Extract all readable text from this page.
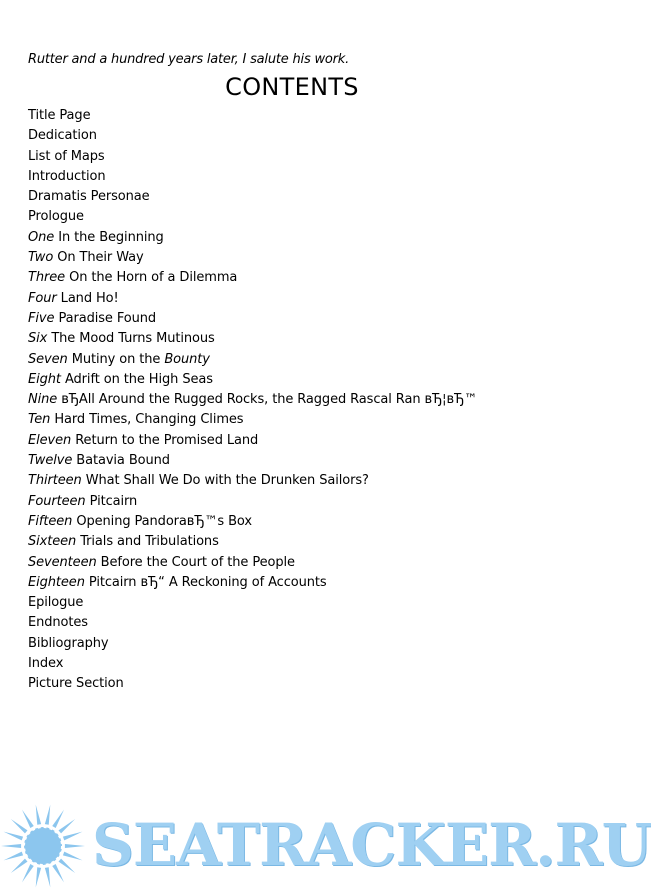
Rutter and a hundred years later, I salute his work.
CONTENTS
Title Page
Dedication
List of Maps
Introduction
Dramatis Personae
Prologue
One In the Beginning
Two On Their Way
Three On the Horn of a Dilemma
Four Land Ho!
Five Paradise Found
Six The Mood Turns Mutinous
Seven Mutiny on the Bounty
Eight Adrift on the High Seas
Nine вЂAll Around the Rugged Rocks, the Ragged Rascal Ran вЂ¦вЂ™
Ten Hard Times, Changing Climes
Eleven Return to the Promised Land
Twelve Batavia Bound
Thirteen What Shall We Do with the Drunken Sailors?
Fourteen Pitcairn
Fifteen Opening PandoraвЂ™s Box
Sixteen Trials and Tribulations
Seventeen Before the Court of the People
Eighteen Pitcairn вЂ“ A Reckoning of Accounts
Epilogue
Endnotes
Bibliography
Index
Picture Section
SEATRACKER.RU
